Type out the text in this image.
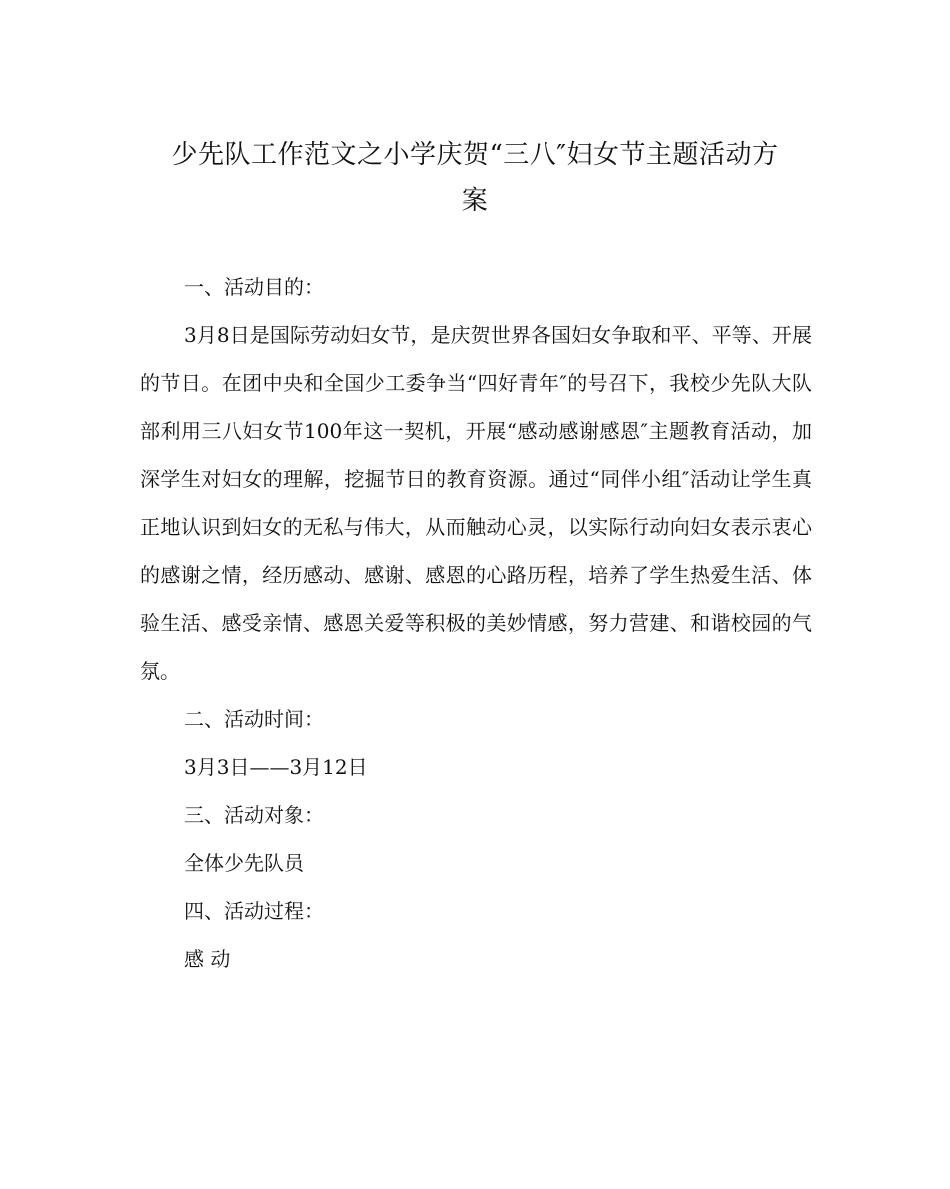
少先队工作范文之小学庆贺“三八″妇女节主题活动方
案

一、活动目的：

3月8日是国际劳动妇女节，是庆贺世界各国妇女争取和平、平等、开展的节日。在团中央和全国少工委争当“四好青年″的号召下，我校少先队大队部利用三八妇女节100年这一契机，开展“感动感谢感恩″主题教育活动，加深学生对妇女的理解，挖掘节日的教育资源。通过“同伴小组″活动让学生真正地认识到妇女的无私与伟大，从而触动心灵，以实际行动向妇女表示衷心的感谢之情，经历感动、感谢、感恩的心路历程，培养了学生热爱生活、体验生活、感受亲情、感恩关爱等积极的美妙情感，努力营建、和谐校园的气氛。

二、活动时间：

3月3日——3月12日

三、活动对象：

全体少先队员

四、活动过程：

感 动
